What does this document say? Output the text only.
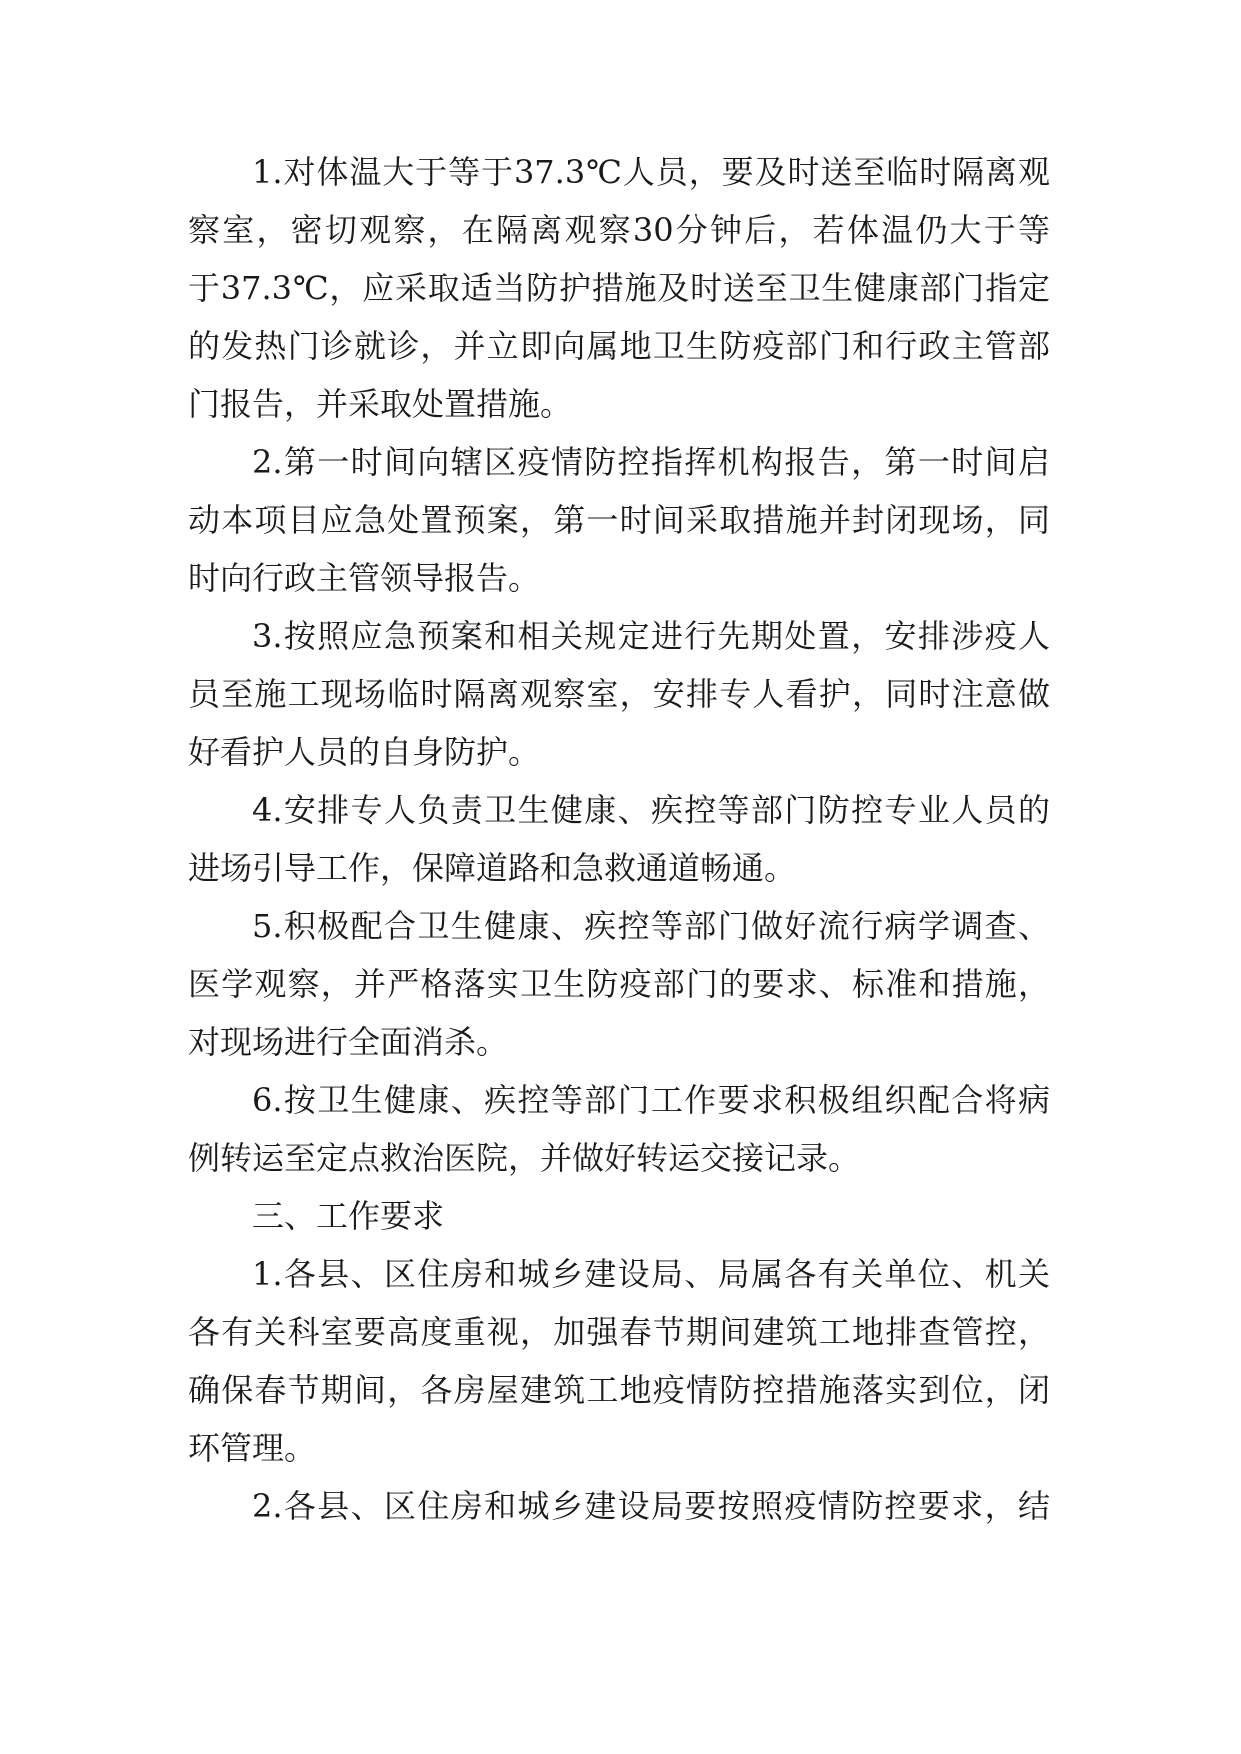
1.对体温大于等于37.3℃人员，要及时送至临时隔离观
察室，密切观察，在隔离观察30分钟后，若体温仍大于等
于37.3℃，应采取适当防护措施及时送至卫生健康部门指定
的发热门诊就诊，并立即向属地卫生防疫部门和行政主管部
门报告，并采取处置措施。
2.第一时间向辖区疫情防控指挥机构报告，第一时间启
动本项目应急处置预案，第一时间采取措施并封闭现场，同
时向行政主管领导报告。
3.按照应急预案和相关规定进行先期处置，安排涉疫人
员至施工现场临时隔离观察室，安排专人看护，同时注意做
好看护人员的自身防护。
4.安排专人负责卫生健康、疾控等部门防控专业人员的
进场引导工作，保障道路和急救通道畅通。
5.积极配合卫生健康、疾控等部门做好流行病学调查、
医学观察，并严格落实卫生防疫部门的要求、标准和措施，
对现场进行全面消杀。
6.按卫生健康、疾控等部门工作要求积极组织配合将病
例转运至定点救治医院，并做好转运交接记录。
三、工作要求
1.各县、区住房和城乡建设局、局属各有关单位、机关
各有关科室要高度重视，加强春节期间建筑工地排查管控，
确保春节期间，各房屋建筑工地疫情防控措施落实到位，闭
环管理。
2.各县、区住房和城乡建设局要按照疫情防控要求，结
